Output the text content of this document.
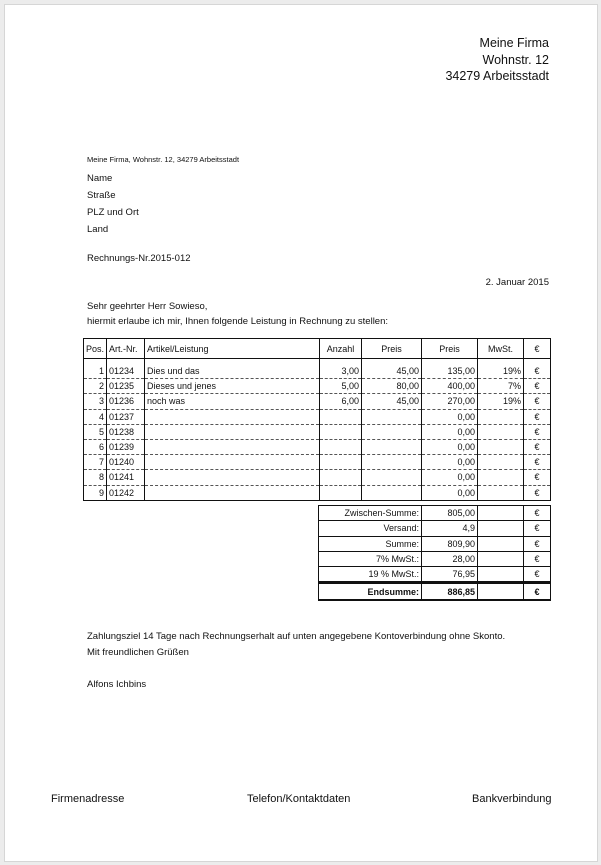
Meine Firma
Wohnstr. 12
34279 Arbeitsstadt
Meine Firma, Wohnstr. 12, 34279 Arbeitsstadt
Name
Straße
PLZ und Ort
Land
Rechnungs-Nr.2015-012
2. Januar 2015
Sehr geehrter Herr Sowieso,
hiermit erlaube ich mir, Ihnen folgende Leistung in Rechnung zu stellen:
Pos.	Art.-Nr.	Artikel/Leistung	Anzahl	Preis	Preis	MwSt.	€

1	01234	Dies und das	3,00	45,00	135,00	19%	€
2	01235	Dieses und jenes	5,00	80,00	400,00	7%	€
3	01236	noch was	6,00	45,00	270,00	19%	€
4	01237				0,00		€
5	01238				0,00		€
6	01239				0,00		€
7	01240				0,00		€
8	01241				0,00		€
9	01242				0,00		€
Zwischen-Summe:	805,00		€
Versand:	4,9		€
Summe:	809,90		€
7% MwSt.:	28,00		€
19 % MwSt.:	76,95		€
Endsumme:	886,85		€
Zahlungsziel 14 Tage nach Rechnungserhalt auf unten angegebene Kontoverbindung ohne Skonto.
Mit freundlichen Grüßen
Alfons Ichbins
Firmenadresse	Telefon/Kontaktdaten	Bankverbindung
